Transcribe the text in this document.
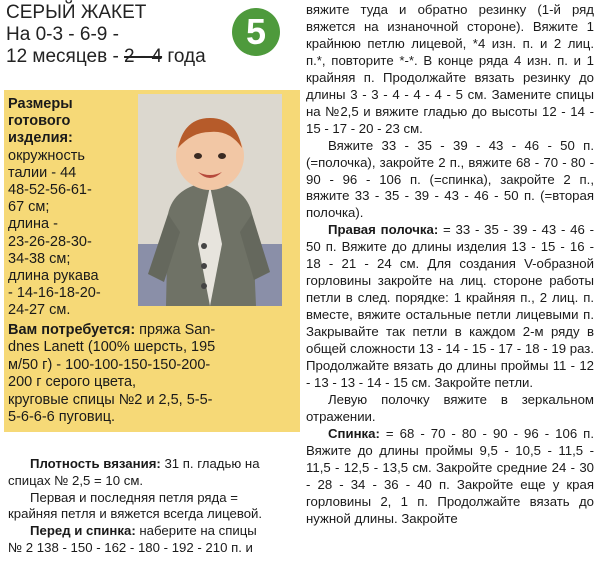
СЕРЫЙ ЖАКЕТ
На 0-3 - 6-9 -
12 месяцев - 2 - 4 года
5
Размеры
готового
изделия:
окружность
талии - 44
48-52-56-61-
67 см;
длина -
23-26-28-30-
34-38 см;
длина рукава
- 14-16-18-20-
24-27 см.
Вам потребуется: пряжа San-
dnes Lanett (100% шерсть, 195
м/50 г) - 100-100-150-150-200-
200 г серого цвета,
круговые спицы №2 и 2,5, 5-5-
5-6-6-6 пуговиц.

Плотность вязания: 31 п. гладью на

спицах № 2,5 = 10 см.

Первая и последняя петля ряда =

крайняя петля и вяжется всегда лицевой.

Перед и спинка: наберите на спицы

№ 2 138 - 150 - 162 - 180 - 192 - 210 п. и

вяжите туда и обратно резинку (1-й ряд вяжется на изнаночной стороне). Вяжите 1 крайнюю петлю лицевой, *4 изн. п. и 2 лиц. п.*, повторите *-*. В конце ряда 4 изн. п. и 1 крайняя п. Продолжайте вязать резинку до длины 3 - 3 - 4 - 4 - 4 - 5 см. Замените спицы на №2,5 и вяжите гладью до высоты 12 - 14 - 15 - 17 - 20 - 23 см.

Вяжите 33 - 35 - 39 - 43 - 46 - 50 п. (=полочка), закройте 2 п., вяжите 68 - 70 - 80 - 90 - 96 - 106 п. (=спинка), закройте 2 п., вяжите 33 - 35 - 39 - 43 - 46 - 50 п. (=вторая полочка).

Правая полочка: = 33 - 35 - 39 - 43 - 46 - 50 п. Вяжите до длины изделия 13 - 15 - 16 - 18 - 21 - 24 см. Для создания V-образной горловины закройте на лиц. стороне работы петли в след. порядке: 1 крайняя п., 2 лиц. п. вместе, вяжите остальные петли лицевыми п. Закрывайте так петли в каждом 2-м ряду в общей сложности 13 - 14 - 15 - 17 - 18 - 19 раз. Продолжайте вязать до длины проймы 11 - 12 - 13 - 13 - 14 - 15 см. Закройте петли.

Левую полочку вяжите в зеркальном отражении.

Спинка: = 68 - 70 - 80 - 90 - 96 - 106 п. Вяжите до длины проймы 9,5 - 10,5 - 11,5 - 11,5 - 12,5 - 13,5 см. Закройте средние 24 - 30 - 28 - 34 - 36 - 40 п. Закройте еще у края горловины 2, 1 п. Продолжайте вязать до нужной длины. Закройте
